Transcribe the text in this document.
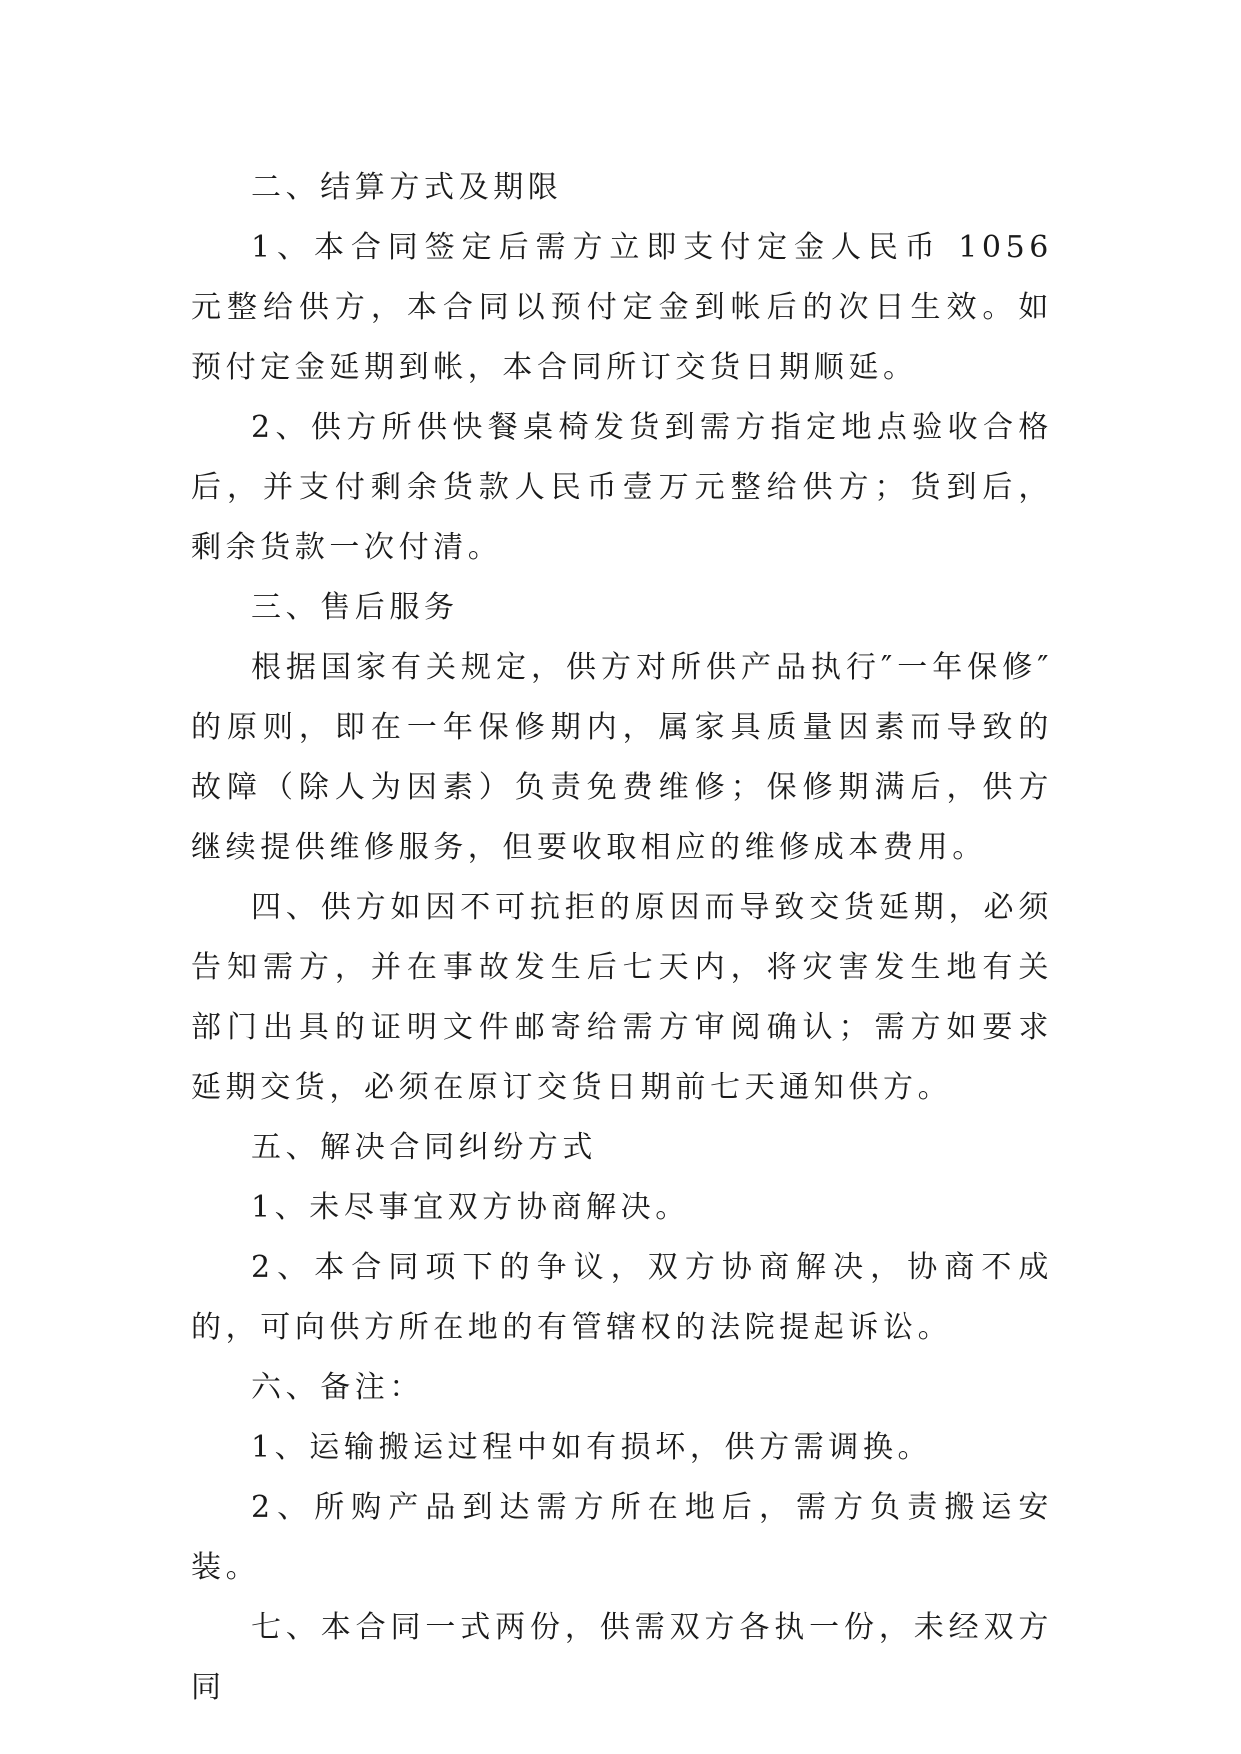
二、结算方式及期限

1、本合同签定后需方立即支付定金人民币 1056 元整给供方，本合同以预付定金到帐后的次日生效。如预付定金延期到帐，本合同所订交货日期顺延。

2、供方所供快餐桌椅发货到需方指定地点验收合格后，并支付剩余货款人民币壹万元整给供方；货到后，剩余货款一次付清。

三、售后服务

根据国家有关规定，供方对所供产品执行″一年保修″的原则，即在一年保修期内，属家具质量因素而导致的故障（除人为因素）负责免费维修；保修期满后，供方继续提供维修服务，但要收取相应的维修成本费用。

四、供方如因不可抗拒的原因而导致交货延期，必须告知需方，并在事故发生后七天内，将灾害发生地有关部门出具的证明文件邮寄给需方审阅确认；需方如要求延期交货，必须在原订交货日期前七天通知供方。

五、解决合同纠纷方式

1、未尽事宜双方协商解决。

2、本合同项下的争议，双方协商解决，协商不成的，可向供方所在地的有管辖权的法院提起诉讼。

六、备注：

1、运输搬运过程中如有损坏，供方需调换。

2、所购产品到达需方所在地后，需方负责搬运安装。

七、本合同一式两份，供需双方各执一份，未经双方同
